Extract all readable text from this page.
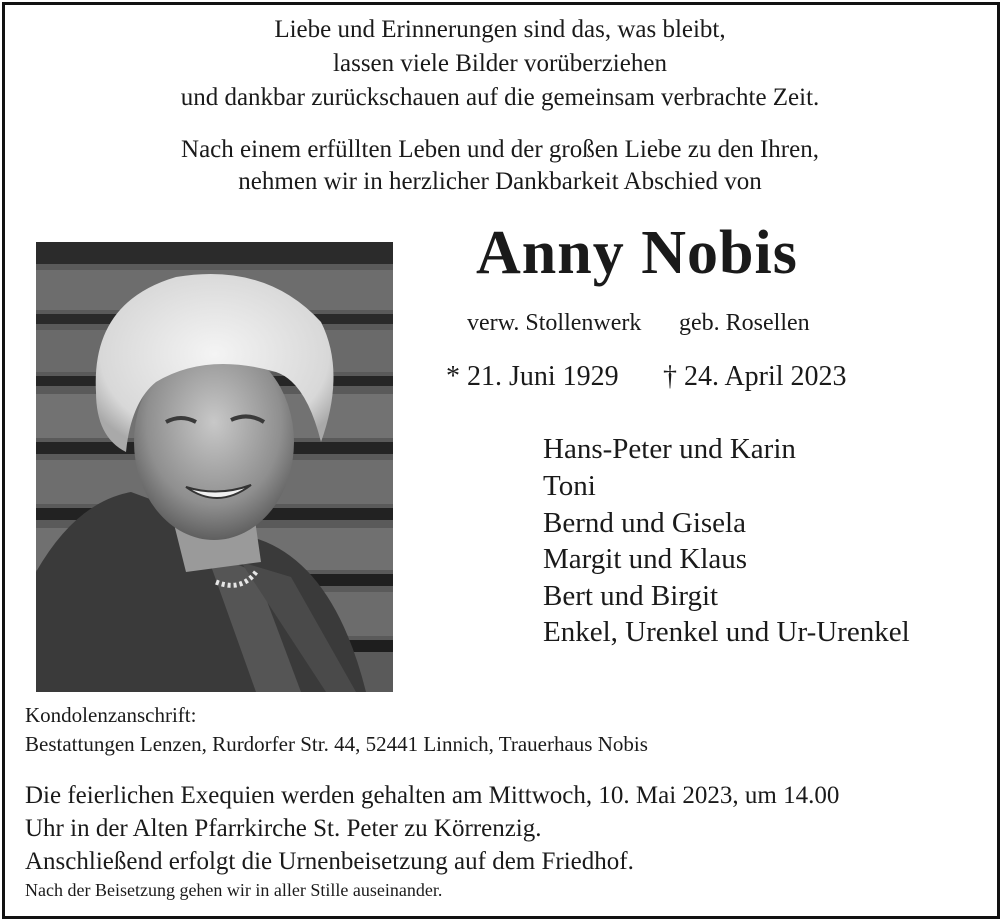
Liebe und Erinnerungen sind das, was bleibt,
lassen viele Bilder vorüberziehen
und dankbar zurückschauen auf die gemeinsam verbrachte Zeit.
Nach einem erfüllten Leben und der großen Liebe zu den Ihren,
nehmen wir in herzlicher Dankbarkeit Abschied von
Anny Nobis
verw. Stollenwerk geb. Rosellen
* 21. Juni 1929 † 24. April 2023
Hans-Peter und Karin
Toni
Bernd und Gisela
Margit und Klaus
Bert und Birgit
Enkel, Urenkel und Ur-Urenkel
Kondolenzanschrift:
Bestattungen Lenzen, Rurdorfer Str. 44, 52441 Linnich, Trauerhaus Nobis
Die feierlichen Exequien werden gehalten am Mittwoch, 10. Mai 2023, um 14.00
Uhr in der Alten Pfarrkirche St. Peter zu Körrenzig.
Anschließend erfolgt die Urnenbeisetzung auf dem Friedhof.
Nach der Beisetzung gehen wir in aller Stille auseinander.
